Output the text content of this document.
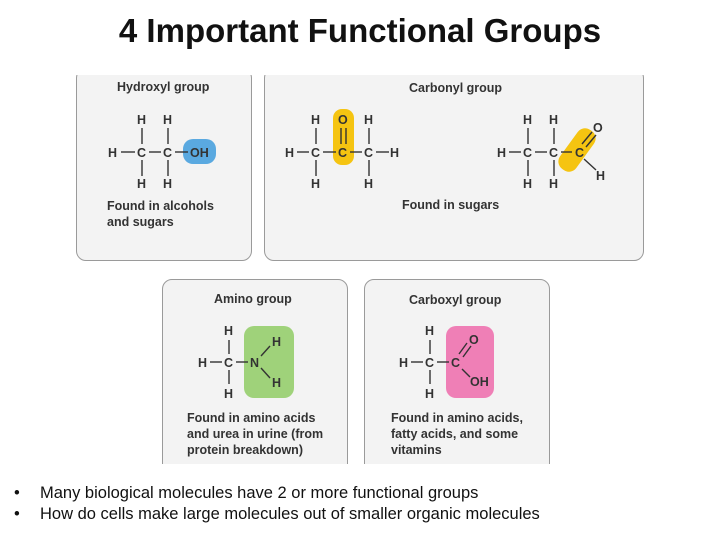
4 Important Functional Groups
Hydroxyl group	Carbonyl group
Amino group	Carboxyl group
Found in alcohols
and sugars
Found in sugars
Found in amino acids
and urea in urine (from
protein breakdown)
Found in amino acids,
fatty acids, and some
vitamins
H H
H C C OH
H H
H O H
H C C C H
H	H
H H
H C C C
O
H
H H
H
H C N
H
H
H
H
H C C
O
OH
H
• Many biological molecules have 2 or more functional groups
• How do cells make large molecules out of smaller organic molecules
